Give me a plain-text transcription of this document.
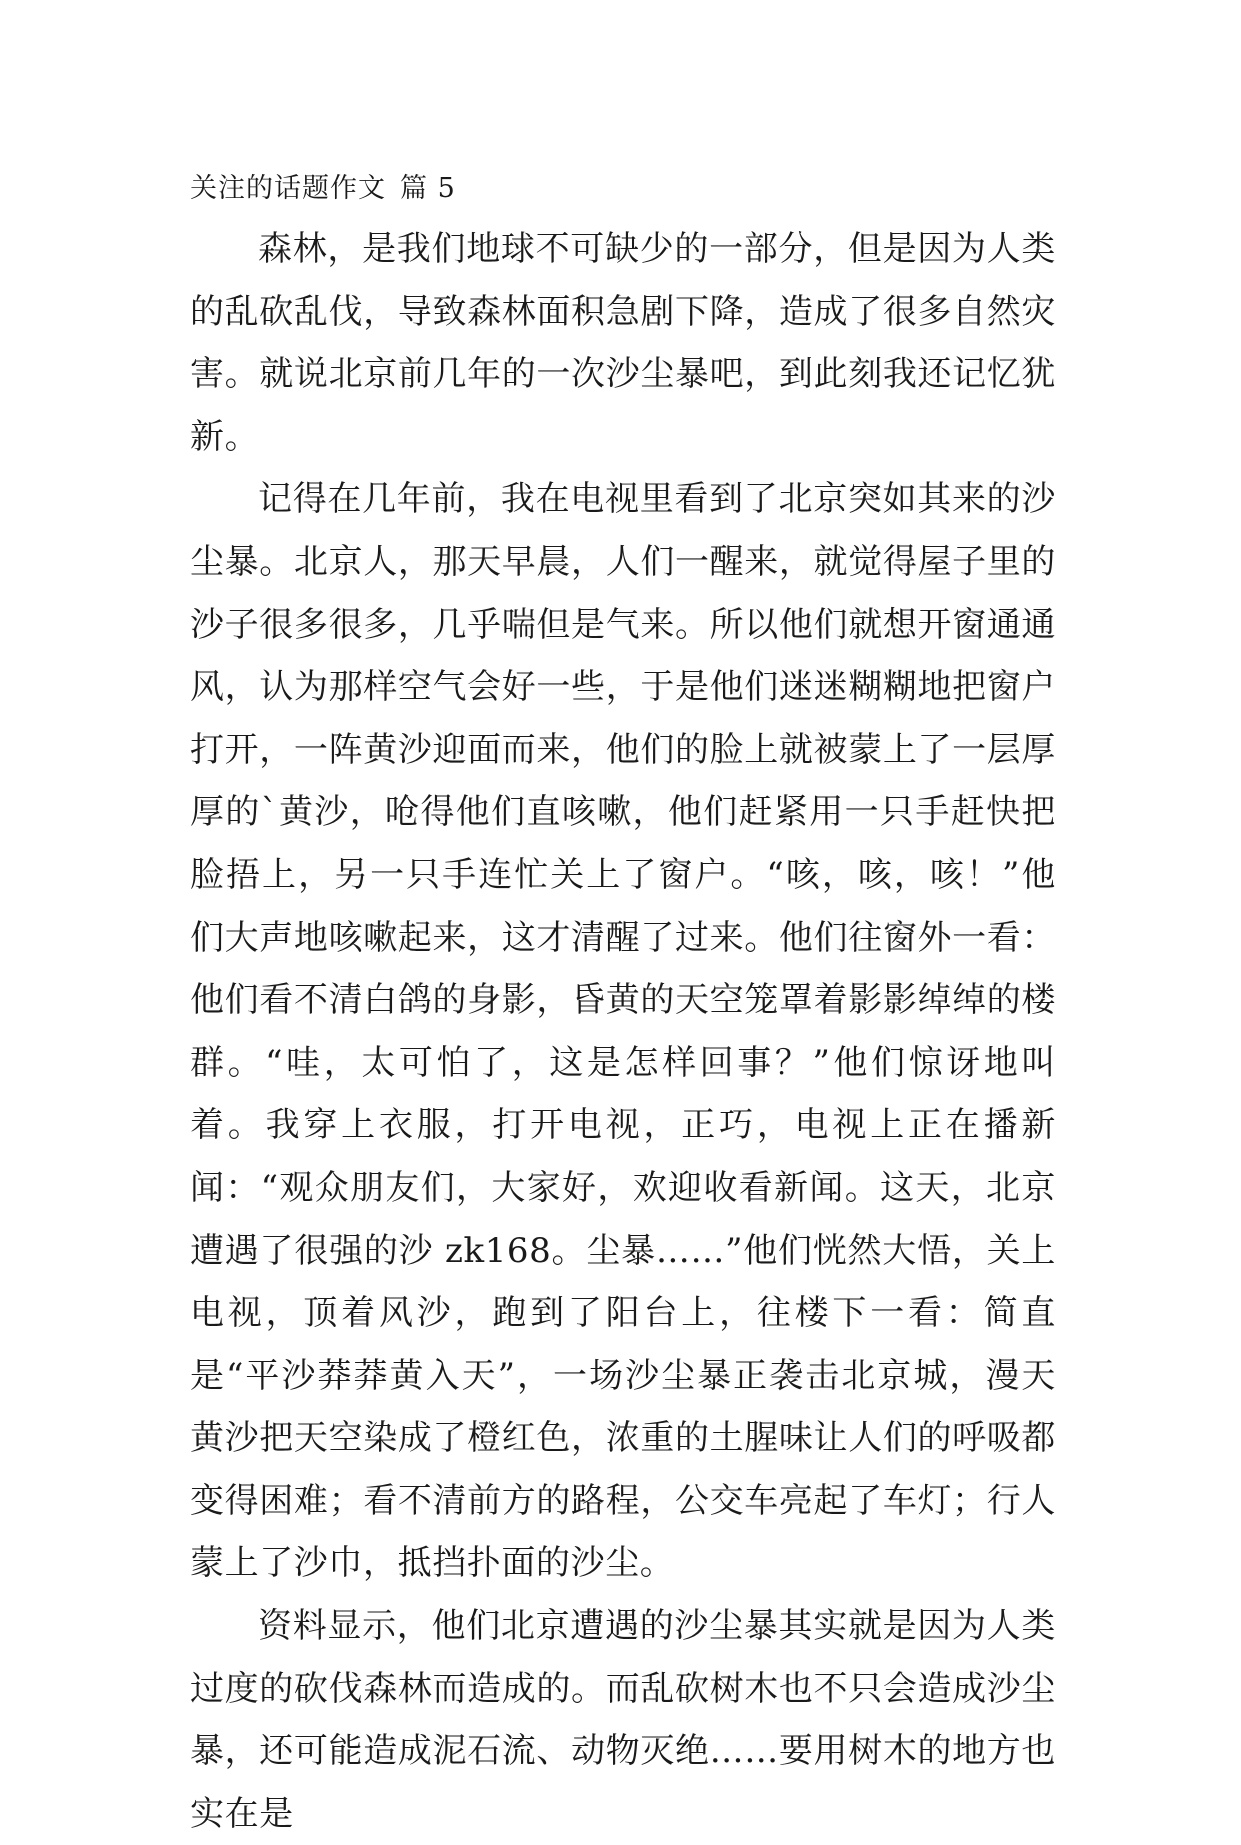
关注的话题作文 篇 5

森林，是我们地球不可缺少的一部分，但是因为人类的乱砍乱伐，导致森林面积急剧下降，造成了很多自然灾害。就说北京前几年的一次沙尘暴吧，到此刻我还记忆犹新。

记得在几年前，我在电视里看到了北京突如其来的沙尘暴。北京人，那天早晨，人们一醒来，就觉得屋子里的沙子很多很多，几乎喘但是气来。所以他们就想开窗通通风，认为那样空气会好一些，于是他们迷迷糊糊地把窗户打开，一阵黄沙迎面而来，他们的脸上就被蒙上了一层厚厚的`黄沙，呛得他们直咳嗽，他们赶紧用一只手赶快把脸捂上，另一只手连忙关上了窗户。“咳，咳，咳！”他们大声地咳嗽起来，这才清醒了过来。他们往窗外一看：他们看不清白鸽的身影，昏黄的天空笼罩着影影绰绰的楼群。“哇，太可怕了，这是怎样回事？”他们惊讶地叫着。我穿上衣服，打开电视，正巧，电视上正在播新闻：“观众朋友们，大家好，欢迎收看新闻。这天，北京遭遇了很强的沙 zk168。尘暴……”他们恍然大悟，关上电视，顶着风沙，跑到了阳台上，往楼下一看：简直是“平沙莽莽黄入天”，一场沙尘暴正袭击北京城，漫天黄沙把天空染成了橙红色，浓重的土腥味让人们的呼吸都变得困难；看不清前方的路程，公交车亮起了车灯；行人蒙上了沙巾，抵挡扑面的沙尘。

资料显示，他们北京遭遇的沙尘暴其实就是因为人类过度的砍伐森林而造成的。而乱砍树木也不只会造成沙尘暴，还可能造成泥石流、动物灭绝……要用树木的地方也实在是
